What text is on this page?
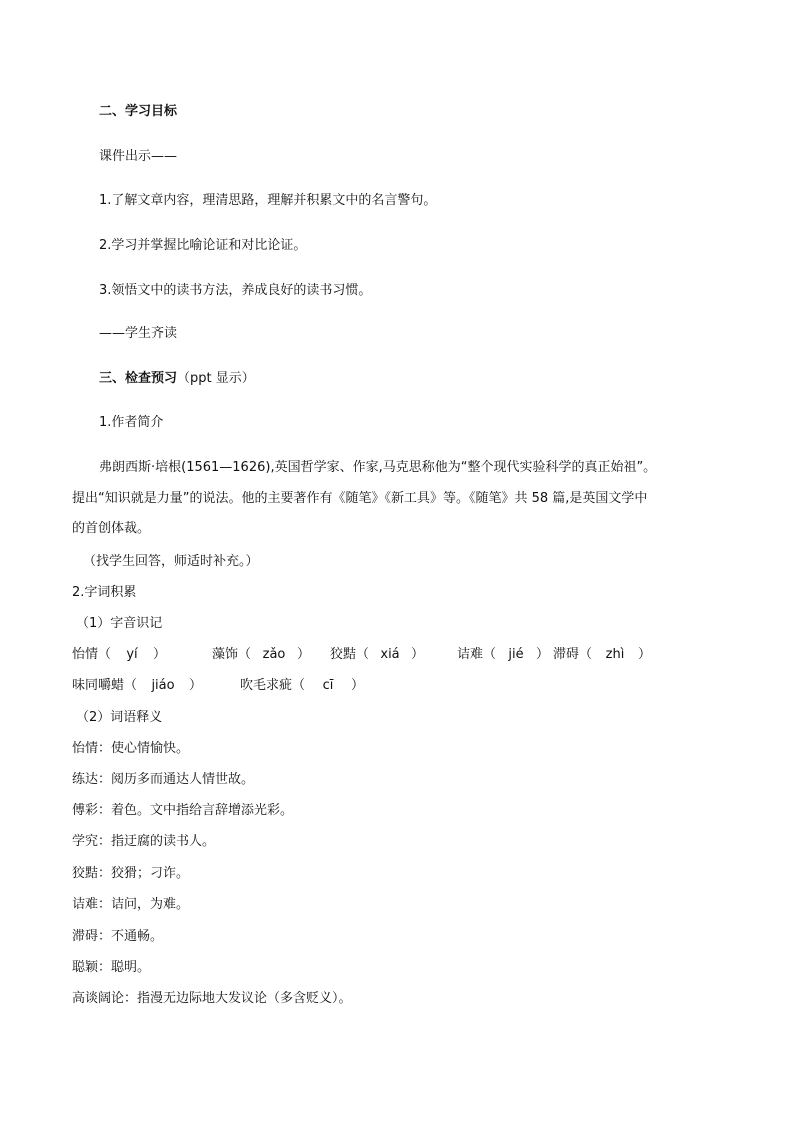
二、学习目标
课件出示——
1.了解文章内容，理清思路，理解并积累文中的名言警句。
2.学习并掌握比喻论证和对比论证。
3.领悟文中的读书方法，养成良好的读书习惯。
——学生齐读
三、检查预习（ppt 显示）
1.作者简介
弗朗西斯·培根(1561—1626),英国哲学家、作家,马克思称他为“整个现代实验科学的真正始祖”。
提出“知识就是力量”的说法。他的主要著作有《随笔》《新工具》等。《随笔》共 58 篇,是英国文学中
的首创体裁。
（找学生回答，师适时补充。）
2.字词积累
（1）字音识记
怡情（ yí ）	藻饰（ zǎo ） 狡黠（ xiá ）	诘难（ jié ） 滞碍（ zhì ）
味同嚼蜡（ jiáo ）	吹毛求疵（ cī ）
（2）词语释义
怡情：使心情愉快。
练达：阅历多而通达人情世故。
傅彩：着色。文中指给言辞增添光彩。
学究：指迂腐的读书人。
狡黠：狡猾；刁诈。
诘难：诘问，为难。
滞碍：不通畅。
聪颖：聪明。
高谈阔论：指漫无边际地大发议论（多含贬义）。
